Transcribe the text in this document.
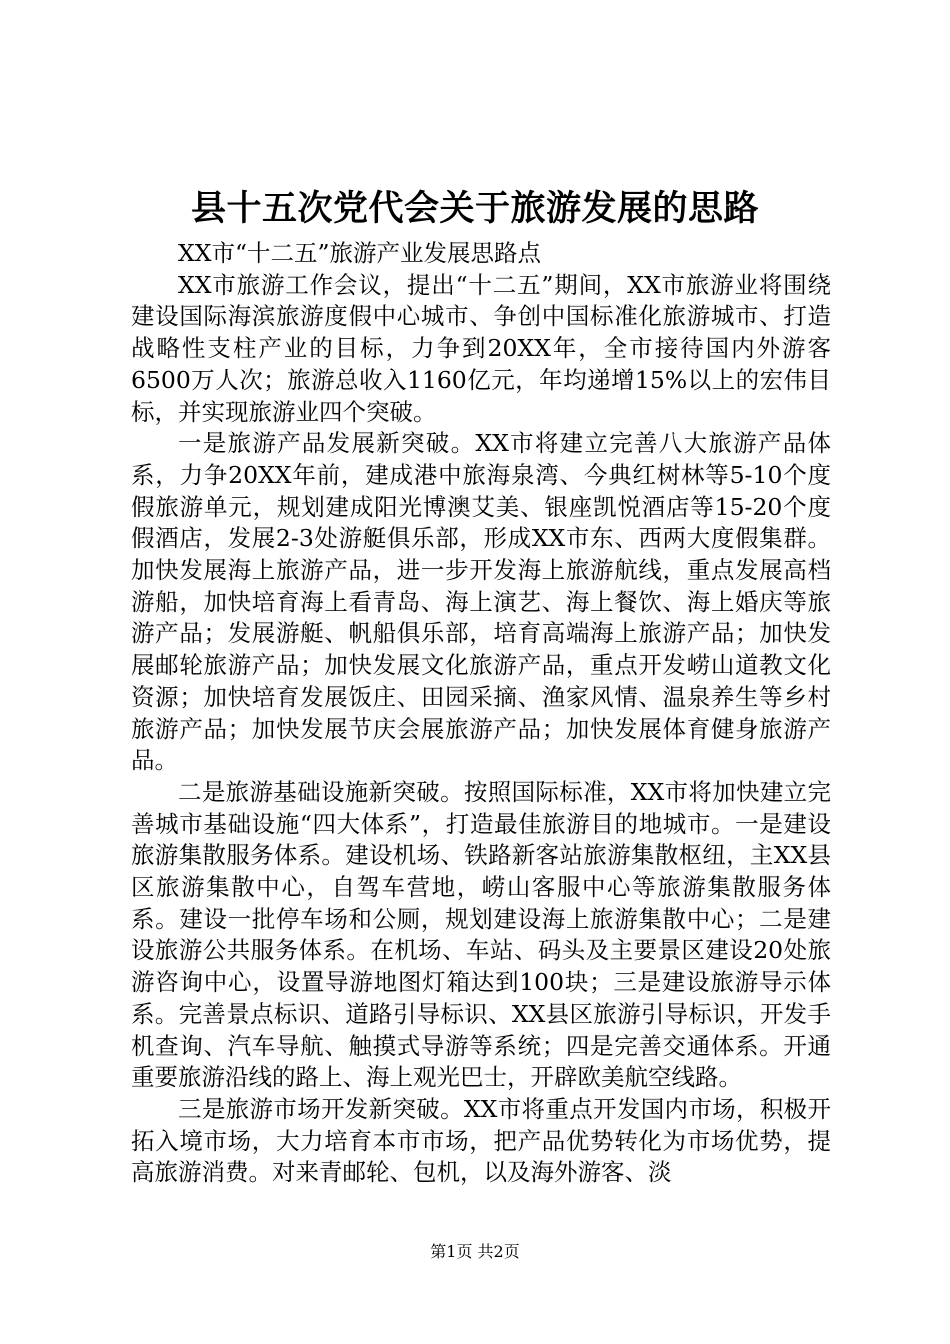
县十五次党代会关于旅游发展的思路

XX市“十二五”旅游产业发展思路点

XX市旅游工作会议，提出“十二五”期间，XX市旅游业将围绕建设国际海滨旅游度假中心城市、争创中国标准化旅游城市、打造战略性支柱产业的目标，力争到20XX年，全市接待国内外游客6500万人次；旅游总收入1160亿元，年均递增15%以上的宏伟目标，并实现旅游业四个突破。

一是旅游产品发展新突破。XX市将建立完善八大旅游产品体系，力争20XX年前，建成港中旅海泉湾、今典红树林等5-10个度假旅游单元，规划建成阳光博澳艾美、银座凯悦酒店等15-20个度假酒店，发展2-3处游艇俱乐部，形成XX市东、西两大度假集群。加快发展海上旅游产品，进一步开发海上旅游航线，重点发展高档游船，加快培育海上看青岛、海上演艺、海上餐饮、海上婚庆等旅游产品；发展游艇、帆船俱乐部，培育高端海上旅游产品；加快发展邮轮旅游产品；加快发展文化旅游产品，重点开发崂山道教文化资源；加快培育发展饭庄、田园采摘、渔家风情、温泉养生等乡村旅游产品；加快发展节庆会展旅游产品；加快发展体育健身旅游产品。

二是旅游基础设施新突破。按照国际标准，XX市将加快建立完善城市基础设施“四大体系”，打造最佳旅游目的地城市。一是建设旅游集散服务体系。建设机场、铁路新客站旅游集散枢纽，主XX县区旅游集散中心，自驾车营地，崂山客服中心等旅游集散服务体系。建设一批停车场和公厕，规划建设海上旅游集散中心；二是建设旅游公共服务体系。在机场、车站、码头及主要景区建设20处旅游咨询中心，设置导游地图灯箱达到100块；三是建设旅游导示体系。完善景点标识、道路引导标识、XX县区旅游引导标识，开发手机查询、汽车导航、触摸式导游等系统；四是完善交通体系。开通重要旅游沿线的路上、海上观光巴士，开辟欧美航空线路。

三是旅游市场开发新突破。XX市将重点开发国内市场，积极开拓入境市场，大力培育本市市场，把产品优势转化为市场优势，提高旅游消费。对来青邮轮、包机，以及海外游客、淡

第1页 共2页
